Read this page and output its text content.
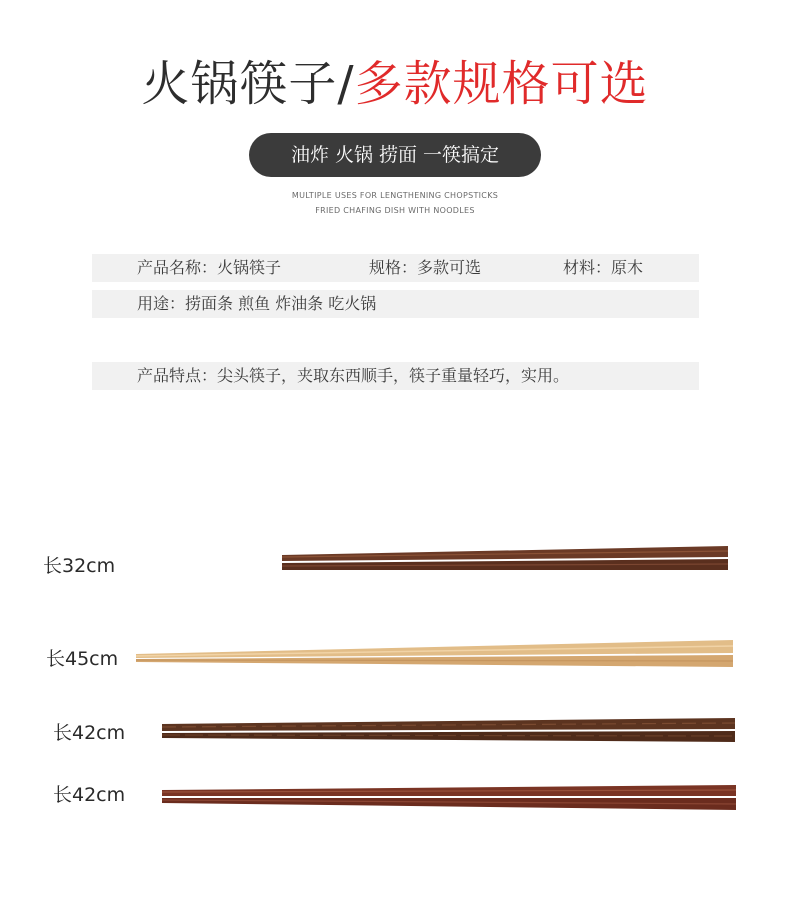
火锅筷子/多款规格可选
油炸 火锅 捞面 一筷搞定
MULTIPLE USES FOR LENGTHENING CHOPSTICKS
FRIED CHAFING DISH WITH NOODLES
产品名称：火锅筷子	规格：多款可选	材料：原木
用途：捞面条 煎鱼 炸油条 吃火锅
产品特点：尖头筷子，夹取东西顺手，筷子重量轻巧，实用。
长32cm
长45cm
长42cm
长42cm
